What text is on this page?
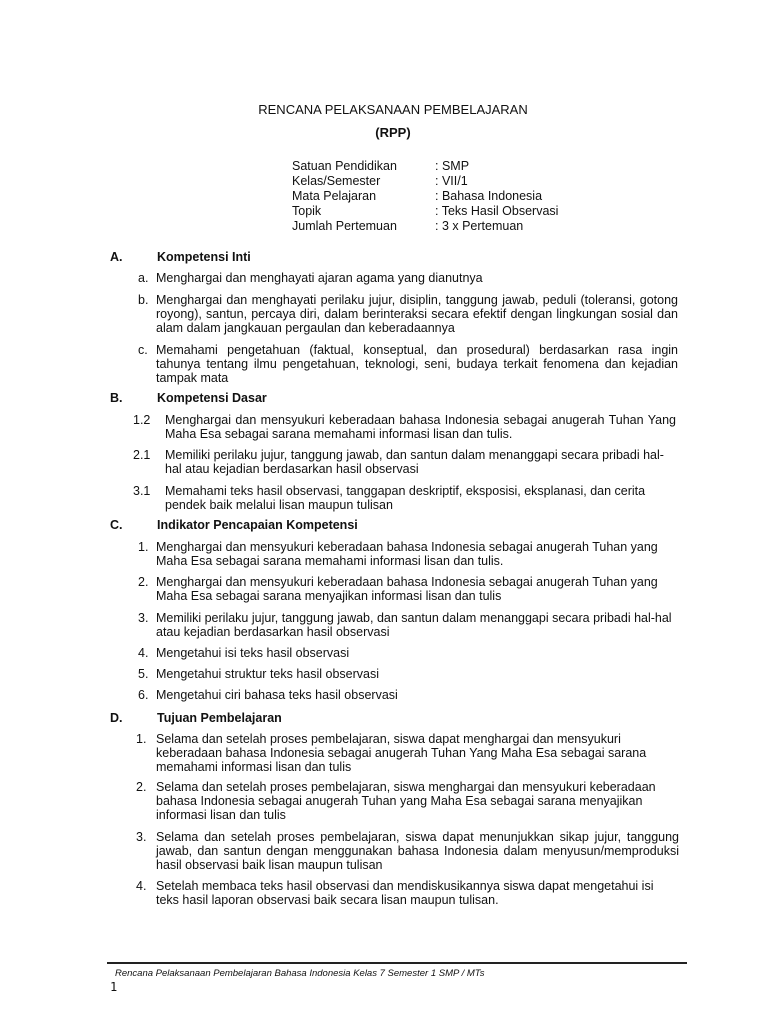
RENCANA PELAKSANAAN PEMBELAJARAN
(RPP)
Satuan Pendidikan	: SMP
Kelas/Semester	: VII/1
Mata Pelajaran	: Bahasa Indonesia
Topik	: Teks Hasil Observasi
Jumlah Pertemuan	: 3 x Pertemuan
A.	Kompetensi Inti
a. Menghargai dan menghayati ajaran agama yang dianutnya
b. Menghargai dan menghayati perilaku jujur, disiplin, tanggung jawab, peduli (toleransi, gotong royong), santun, percaya diri, dalam berinteraksi secara efektif dengan lingkungan sosial dan alam dalam jangkauan pergaulan dan keberadaannya
c. Memahami pengetahuan (faktual, konseptual, dan prosedural) berdasarkan rasa ingin tahunya tentang ilmu pengetahuan, teknologi, seni, budaya terkait fenomena dan kejadian tampak mata
B.	Kompetensi Dasar
1.2	Menghargai dan mensyukuri keberadaan bahasa Indonesia sebagai anugerah Tuhan Yang Maha Esa sebagai sarana memahami informasi lisan dan tulis.
2.1	Memiliki perilaku jujur, tanggung jawab, dan santun dalam menanggapi secara pribadi hal-hal atau kejadian berdasarkan hasil observasi
3.1	Memahami teks hasil observasi, tanggapan deskriptif, eksposisi, eksplanasi, dan cerita pendek baik melalui lisan maupun tulisan
C.	Indikator Pencapaian Kompetensi
1. Menghargai dan mensyukuri keberadaan bahasa Indonesia sebagai anugerah Tuhan yang Maha Esa sebagai sarana memahami informasi lisan dan tulis.
2. Menghargai dan mensyukuri keberadaan bahasa Indonesia sebagai anugerah Tuhan yang Maha Esa sebagai sarana menyajikan informasi lisan dan tulis
3. Memiliki perilaku jujur, tanggung jawab, dan santun dalam menanggapi secara pribadi hal-hal atau kejadian berdasarkan hasil observasi
4. Mengetahui isi teks hasil observasi
5. Mengetahui struktur teks hasil observasi
6. Mengetahui ciri bahasa teks hasil observasi
D.	Tujuan Pembelajaran
1. Selama dan setelah proses pembelajaran, siswa dapat menghargai dan mensyukuri keberadaan bahasa Indonesia sebagai anugerah Tuhan Yang Maha Esa sebagai sarana memahami informasi lisan dan tulis
2. Selama dan setelah proses pembelajaran, siswa menghargai dan mensyukuri keberadaan bahasa Indonesia sebagai anugerah Tuhan yang Maha Esa sebagai sarana menyajikan informasi lisan dan tulis
3. Selama dan setelah proses pembelajaran, siswa dapat menunjukkan sikap jujur, tanggung jawab, dan santun dengan menggunakan bahasa Indonesia dalam menyusun/memproduksi hasil observasi baik lisan maupun tulisan
4. Setelah membaca teks hasil observasi dan mendiskusikannya siswa dapat mengetahui isi teks hasil laporan observasi baik secara lisan maupun tulisan.
Rencana Pelaksanaan Pembelajaran Bahasa Indonesia Kelas 7 Semester 1 SMP / MTs
1
